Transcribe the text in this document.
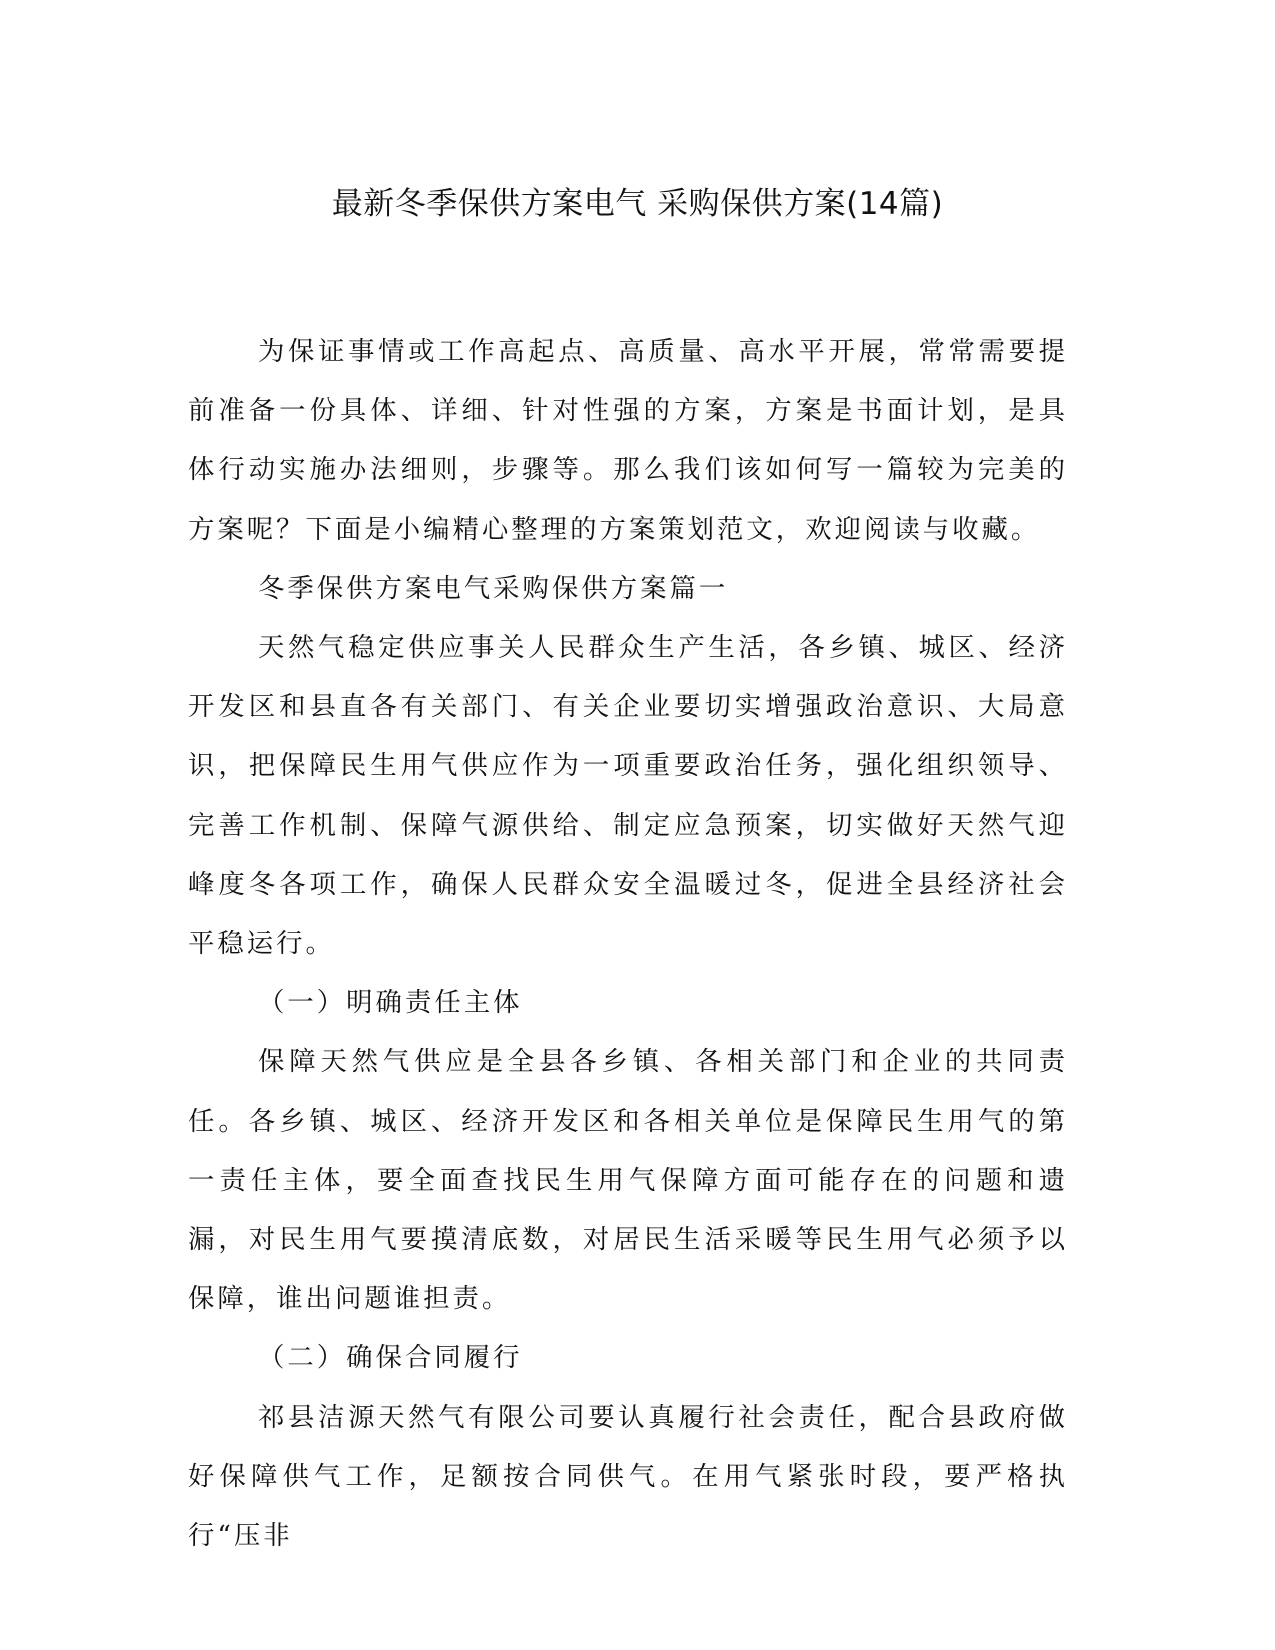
最新冬季保供方案电气 采购保供方案(14篇)

为保证事情或工作高起点、高质量、高水平开展，常常需要提前准备一份具体、详细、针对性强的方案，方案是书面计划，是具体行动实施办法细则，步骤等。那么我们该如何写一篇较为完美的方案呢？下面是小编精心整理的方案策划范文，欢迎阅读与收藏。

冬季保供方案电气采购保供方案篇一

天然气稳定供应事关人民群众生产生活，各乡镇、城区、经济开发区和县直各有关部门、有关企业要切实增强政治意识、大局意识，把保障民生用气供应作为一项重要政治任务，强化组织领导、完善工作机制、保障气源供给、制定应急预案，切实做好天然气迎峰度冬各项工作，确保人民群众安全温暖过冬，促进全县经济社会平稳运行。

（一）明确责任主体

保障天然气供应是全县各乡镇、各相关部门和企业的共同责任。各乡镇、城区、经济开发区和各相关单位是保障民生用气的第一责任主体，要全面查找民生用气保障方面可能存在的问题和遗漏，对民生用气要摸清底数，对居民生活采暖等民生用气必须予以保障，谁出问题谁担责。

（二）确保合同履行

祁县洁源天然气有限公司要认真履行社会责任，配合县政府做好保障供气工作，足额按合同供气。在用气紧张时段，要严格执行“压非
